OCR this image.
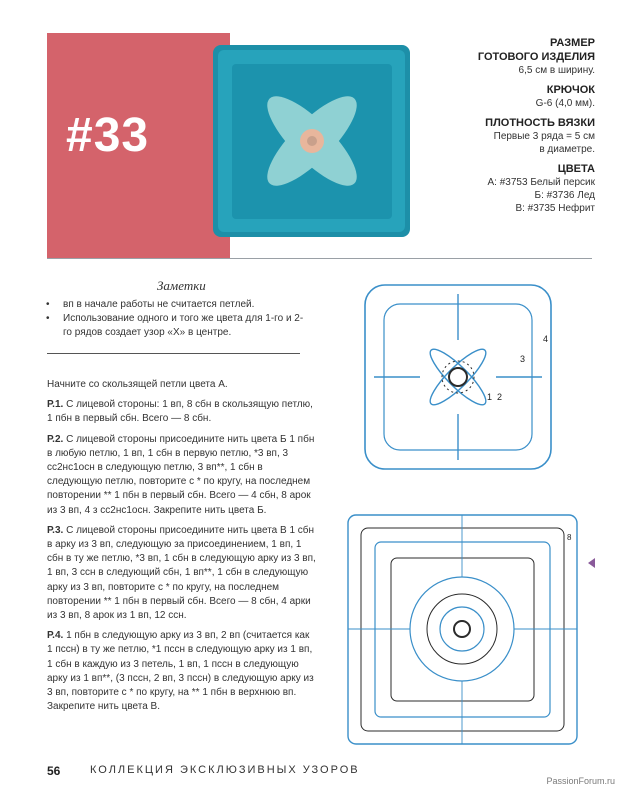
#33
РАЗМЕР
ГОТОВОГО ИЗДЕЛИЯ
6,5 см в ширину.
КРЮЧОК
G-6 (4,0 мм).
ПЛОТНОСТЬ ВЯЗКИ
Первые 3 ряда = 5 см
в диаметре.
ЦВЕТА
А: #3753 Белый персик
Б: #3736 Лед
В: #3735 Нефрит
Заметки
• вп в начале работы не считается петлей.
• Использование одного и того же цвета для 1-го и 2-го рядов создает узор «Х» в центре.

Начните со скользящей петли цвета А.

Р.1. С лицевой стороны: 1 вп, 8 сбн в скользящую петлю, 1 пбн в первый сбн. Всего — 8 сбн.

Р.2. С лицевой стороны присоедините нить цвета Б 1 пбн в любую петлю, 1 вп, 1 сбн в первую петлю, *3 вп, 3 сс2нс1осн в следующую петлю, 3 вп**, 1 сбн в следующую петлю, повторите с * по кругу, на последнем повторении ** 1 пбн в первый сбн. Всего — 4 сбн, 8 арок из 3 вп, 4 з сс2нс1осн. Закрепите нить цвета Б.

Р.3. С лицевой стороны присоедините нить цвета В 1 сбн в арку из 3 вп, следующую за присоединением, 1 вп, 1 сбн в ту же петлю, *3 вп, 1 сбн в следующую арку из 3 вп, 1 вп, 3 ссн в следующий сбн, 1 вп**, 1 сбн в следующую арку из 3 вп, повторите с * по кругу, на последнем повторении ** 1 пбн в первый сбн. Всего — 8 сбн, 4 арки из 3 вп, 8 арок из 1 вп, 12 ссн.

Р.4. 1 пбн в следующую арку из 3 вп, 2 вп (считается как 1 пссн) в ту же петлю, *1 пссн в следующую арку из 1 вп, 1 сбн в каждую из 3 петель, 1 вп, 1 пссн в следующую арку из 1 вп**, (3 пссн, 2 вп, 3 пссн) в следующую арку из 3 вп, повторите с * по кругу, на ** 1 пбн в верхнюю вп. Закрепите нить цвета В.

1 2
3
4
8
56	КОЛЛЕКЦИЯ ЭКСКЛЮЗИВНЫХ УЗОРОВ
PassionForum.ru
